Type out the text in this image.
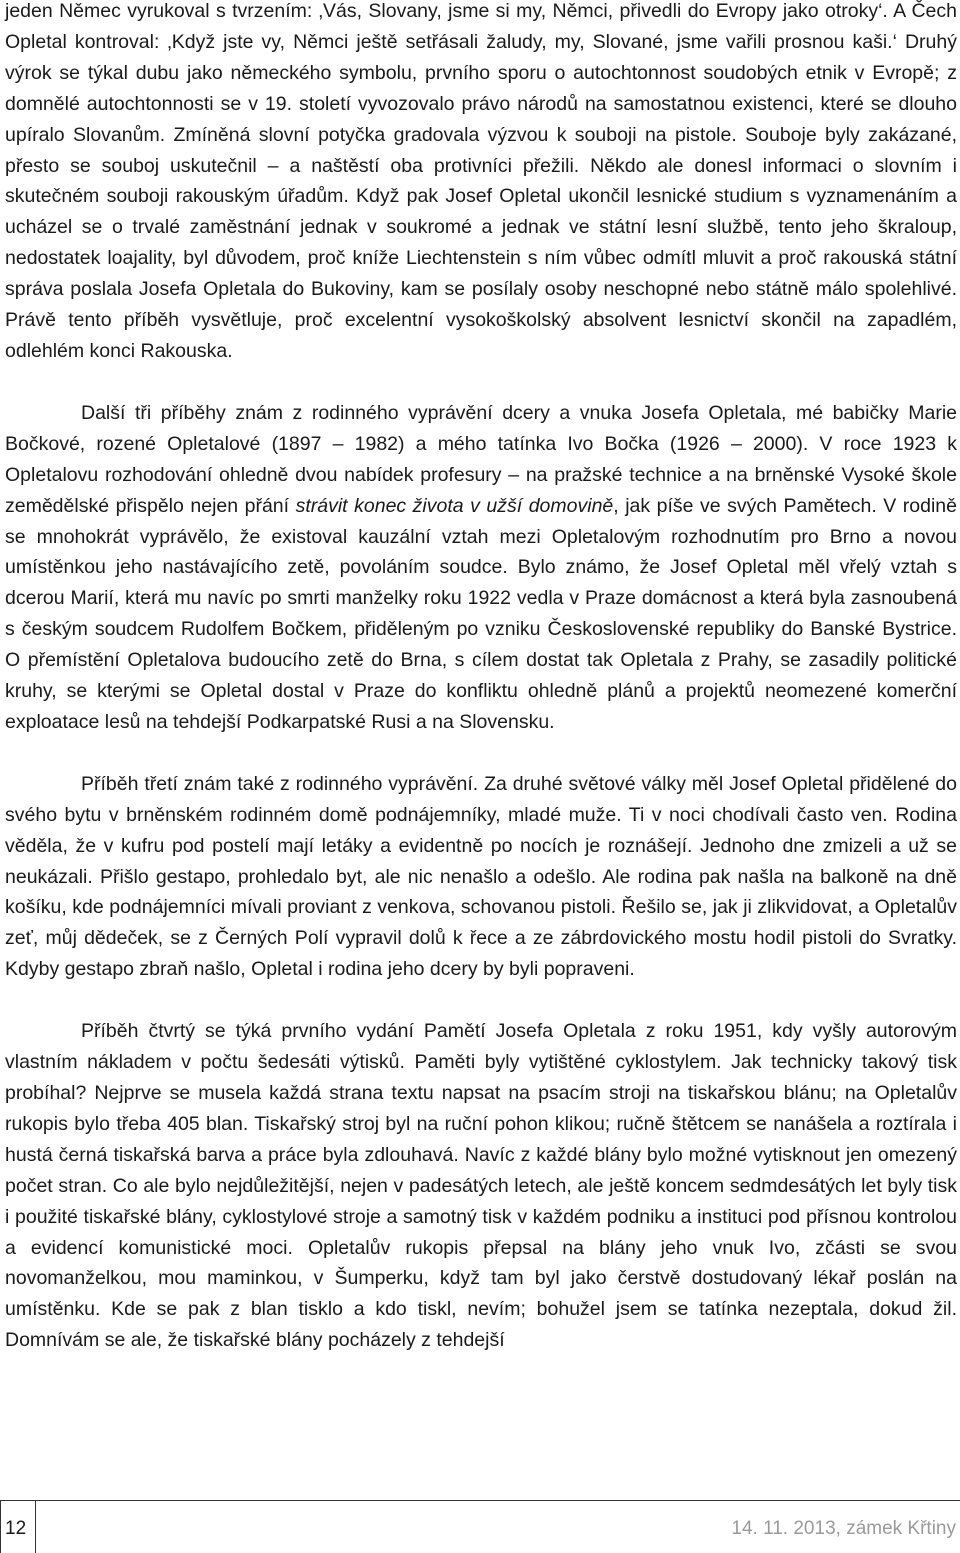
jeden Němec vyrukoval s tvrzením: ‚Vás, Slovany, jsme si my, Němci, přivedli do Evropy jako otroky‘. A Čech Opletal kontroval: ‚Když jste vy, Němci ještě setřásali žaludy, my, Slované, jsme vařili prosnou kaši.‘ Druhý výrok se týkal dubu jako německého symbolu, prvního sporu o autochtonnost soudobých etnik v Evropě; z domnělé autochtonnosti se v 19. století vyvozovalo právo národů na samostatnou existenci, které se dlouho upíralo Slovanům. Zmíněná slovní potyčka gradovala výzvou k souboji na pistole. Souboje byly zakázané, přesto se souboj uskutečnil – a naštěstí oba protivníci přežili. Někdo ale donesl informaci o slovním i skutečném souboji rakouským úřadům. Když pak Josef Opletal ukončil lesnické studium s vyznamenáním a ucházel se o trvalé zaměstnání jednak v soukromé a jednak ve státní lesní službě, tento jeho škraloup, nedostatek loajality, byl důvodem, proč kníže Liechtenstein s ním vůbec odmítl mluvit a proč rakouská státní správa poslala Josefa Opletala do Bukoviny, kam se posílaly osoby neschopné nebo státně málo spolehlivé. Právě tento příběh vysvětluje, proč excelentní vysokoškolský absolvent lesnictví skončil na zapadlém, odlehlém konci Rakouska.

Další tři příběhy znám z rodinného vyprávění dcery a vnuka Josefa Opletala, mé babičky Marie Bočkové, rozené Opletalové (1897 – 1982) a mého tatínka Ivo Bočka (1926 – 2000). V roce 1923 k Opletalovu rozhodování ohledně dvou nabídek profesury – na pražské technice a na brněnské Vysoké škole zemědělské přispělo nejen přání strávit konec života v užší domovině, jak píše ve svých Pamětech. V rodině se mnohokrát vyprávělo, že existoval kauzální vztah mezi Opletalovým rozhodnutím pro Brno a novou umístěnkou jeho nastávajícího zetě, povoláním soudce. Bylo známo, že Josef Opletal měl vřelý vztah s dcerou Marií, která mu navíc po smrti manželky roku 1922 vedla v Praze domácnost a která byla zasnoubená s českým soudcem Rudolfem Bočkem, přiděleným po vzniku Československé republiky do Banské Bystrice. O přemístění Opletalova budoucího zetě do Brna, s cílem dostat tak Opletala z Prahy, se zasadily politické kruhy, se kterými se Opletal dostal v Praze do konfliktu ohledně plánů a projektů neomezené komerční exploatace lesů na tehdejší Podkarpatské Rusi a na Slovensku.

Příběh třetí znám také z rodinného vyprávění. Za druhé světové války měl Josef Opletal přidělené do svého bytu v brněnském rodinném domě podnájemníky, mladé muže. Ti v noci chodívali často ven. Rodina věděla, že v kufru pod postelí mají letáky a evidentně po nocích je roznášejí. Jednoho dne zmizeli a už se neukázali. Přišlo gestapo, prohledalo byt, ale nic nenašlo a odešlo. Ale rodina pak našla na balkoně na dně košíku, kde podnájemníci mívali proviant z venkova, schovanou pistoli. Řešilo se, jak ji zlikvidovat, a Opletalův zeť, můj dědeček, se z Černých Polí vypravil dolů k řece a ze zábrdovického mostu hodil pistoli do Svratky. Kdyby gestapo zbraň našlo, Opletal i rodina jeho dcery by byli popraveni.

Příběh čtvrtý se týká prvního vydání Pamětí Josefa Opletala z roku 1951, kdy vyšly autorovým vlastním nákladem v počtu šedesáti výtisků. Paměti byly vytištěné cyklostylem. Jak technicky takový tisk probíhal? Nejprve se musela každá strana textu napsat na psacím stroji na tiskařskou blánu; na Opletalův rukopis bylo třeba 405 blan. Tiskařský stroj byl na ruční pohon klikou; ručně štětcem se nanášela a roztírala i hustá černá tiskařská barva a práce byla zdlouhavá. Navíc z každé blány bylo možné vytisknout jen omezený počet stran. Co ale bylo nejdůležitější, nejen v padesátých letech, ale ještě koncem sedmdesátých let byly tisk i použité tiskařské blány, cyklostylové stroje a samotný tisk v každém podniku a instituci pod přísnou kontrolou a evidencí komunistické moci. Opletalův rukopis přepsal na blány jeho vnuk Ivo, zčásti se svou novomanželkou, mou maminkou, v Šumperku, když tam byl jako čerstvě dostudovaný lékař poslán na umístěnku. Kde se pak z blan tisklo a kdo tiskl, nevím; bohužel jsem se tatínka nezeptala, dokud žil. Domnívám se ale, že tiskařské blány pocházely z tehdejší

12	14. 11. 2013, zámek Křtiny
